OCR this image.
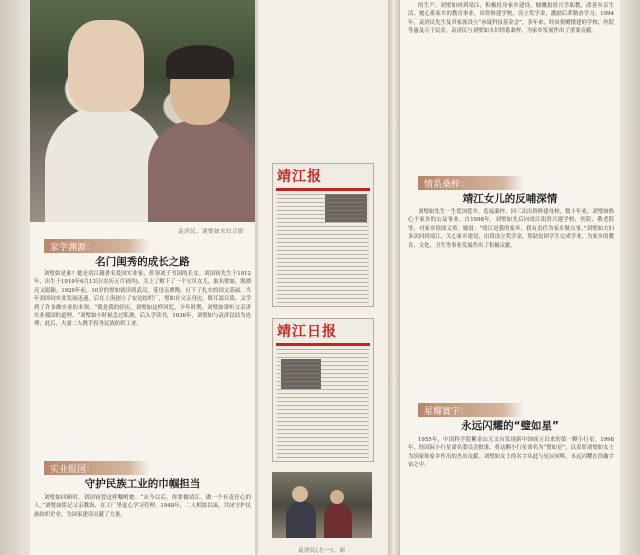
袁济民、刘璧如夫妇合影
家学渊源：
名门闺秀的成长之路
刘璧如是谁？她是靖江籍著名爱国实业家、侨领刘子书国的长女。刘国钧先生于1912年，出生于1919年6月13日(农历五月初四)，关上了解下了一个宝贝女儿，取名璧如，既漂亮又聪颖。1929年前，10岁的璧如就读到武汉，受母亲熏陶，打下了扎实的国文基础。当年刘国钧实业发展迅速，后在上海创立了安达纺织厂，璧如在父亲身边，既耳濡目染，又学到了许多做实业的本领。“我是我的经历，刘璧如这样回忆。少年时期，刘璧如常听父亲讲实业救国的道理。“刘璧如小时候念过私塾，后入学读书，1936年，刘璧如与袁济民结为连理，此后，夫妻二人携手投身民族纺织工业。
实业报国：
守护民族工业的巾帼担当
刘璧如回顾时，刘国钧曾这样嘱咐她：“从今以后，你要做靖江、做一个有责任心的人。”刘璧如铭记父亲教诲，在工厂里虚心学习管理。1948年，二人相濡以沫，共同守护民族纺织企业，为国家建设贡献了力量。
靖江报
靖江日报
袁济民(左一)、刘
的生产，刘璧如回到靖江，积极投身家乡建设，慷慨捐资兴学助教，改善乡亲生活。她心系家乡的教育事业，出资修建学校，设立奖学金，激励后辈勤奋学习。1994年，袁济民先生及其家族设立“承晟科技基金会”，多年来，经由捐赠援建的学校、医院等惠及万千民众。袁济民与刘璧如夫妇情系桑梓，为家乡发展作出了重要贡献。
情系桑梓：
靖江女儿的反哺深情
刘璧如先生一生爱国爱乡，造福桑梓，回三次出资修建母校，数十年来，刘璧如热心于家乡的公益事业。自1998年，刘璧如先后向靖江捐资兴建学校、医院、敬老院等，对家乡情深义重。她说：“靖江是我的家乡，我有责任为家乡做点事。”刘璧如夫妇多次回到靖江，关心家乡建设，出资设立奖学金，帮助贫困学生完成学业，为家乡的教育、文化、卫生等事业发展作出了积极贡献。
星耀寰宇：
永远闪耀的“璧如星”
1955年，中国科学院紫金山天文台发现新中国成立以来的第一颗小行星。1998年，经国际小行星命名委员会批准，将这颗小行星命名为“璧如星”，以表彰刘璧如女士为国家和家乡作出的杰出贡献。刘璧如女士的名字从此与星辰同辉，永远闪耀在浩瀚宇宙之中。
